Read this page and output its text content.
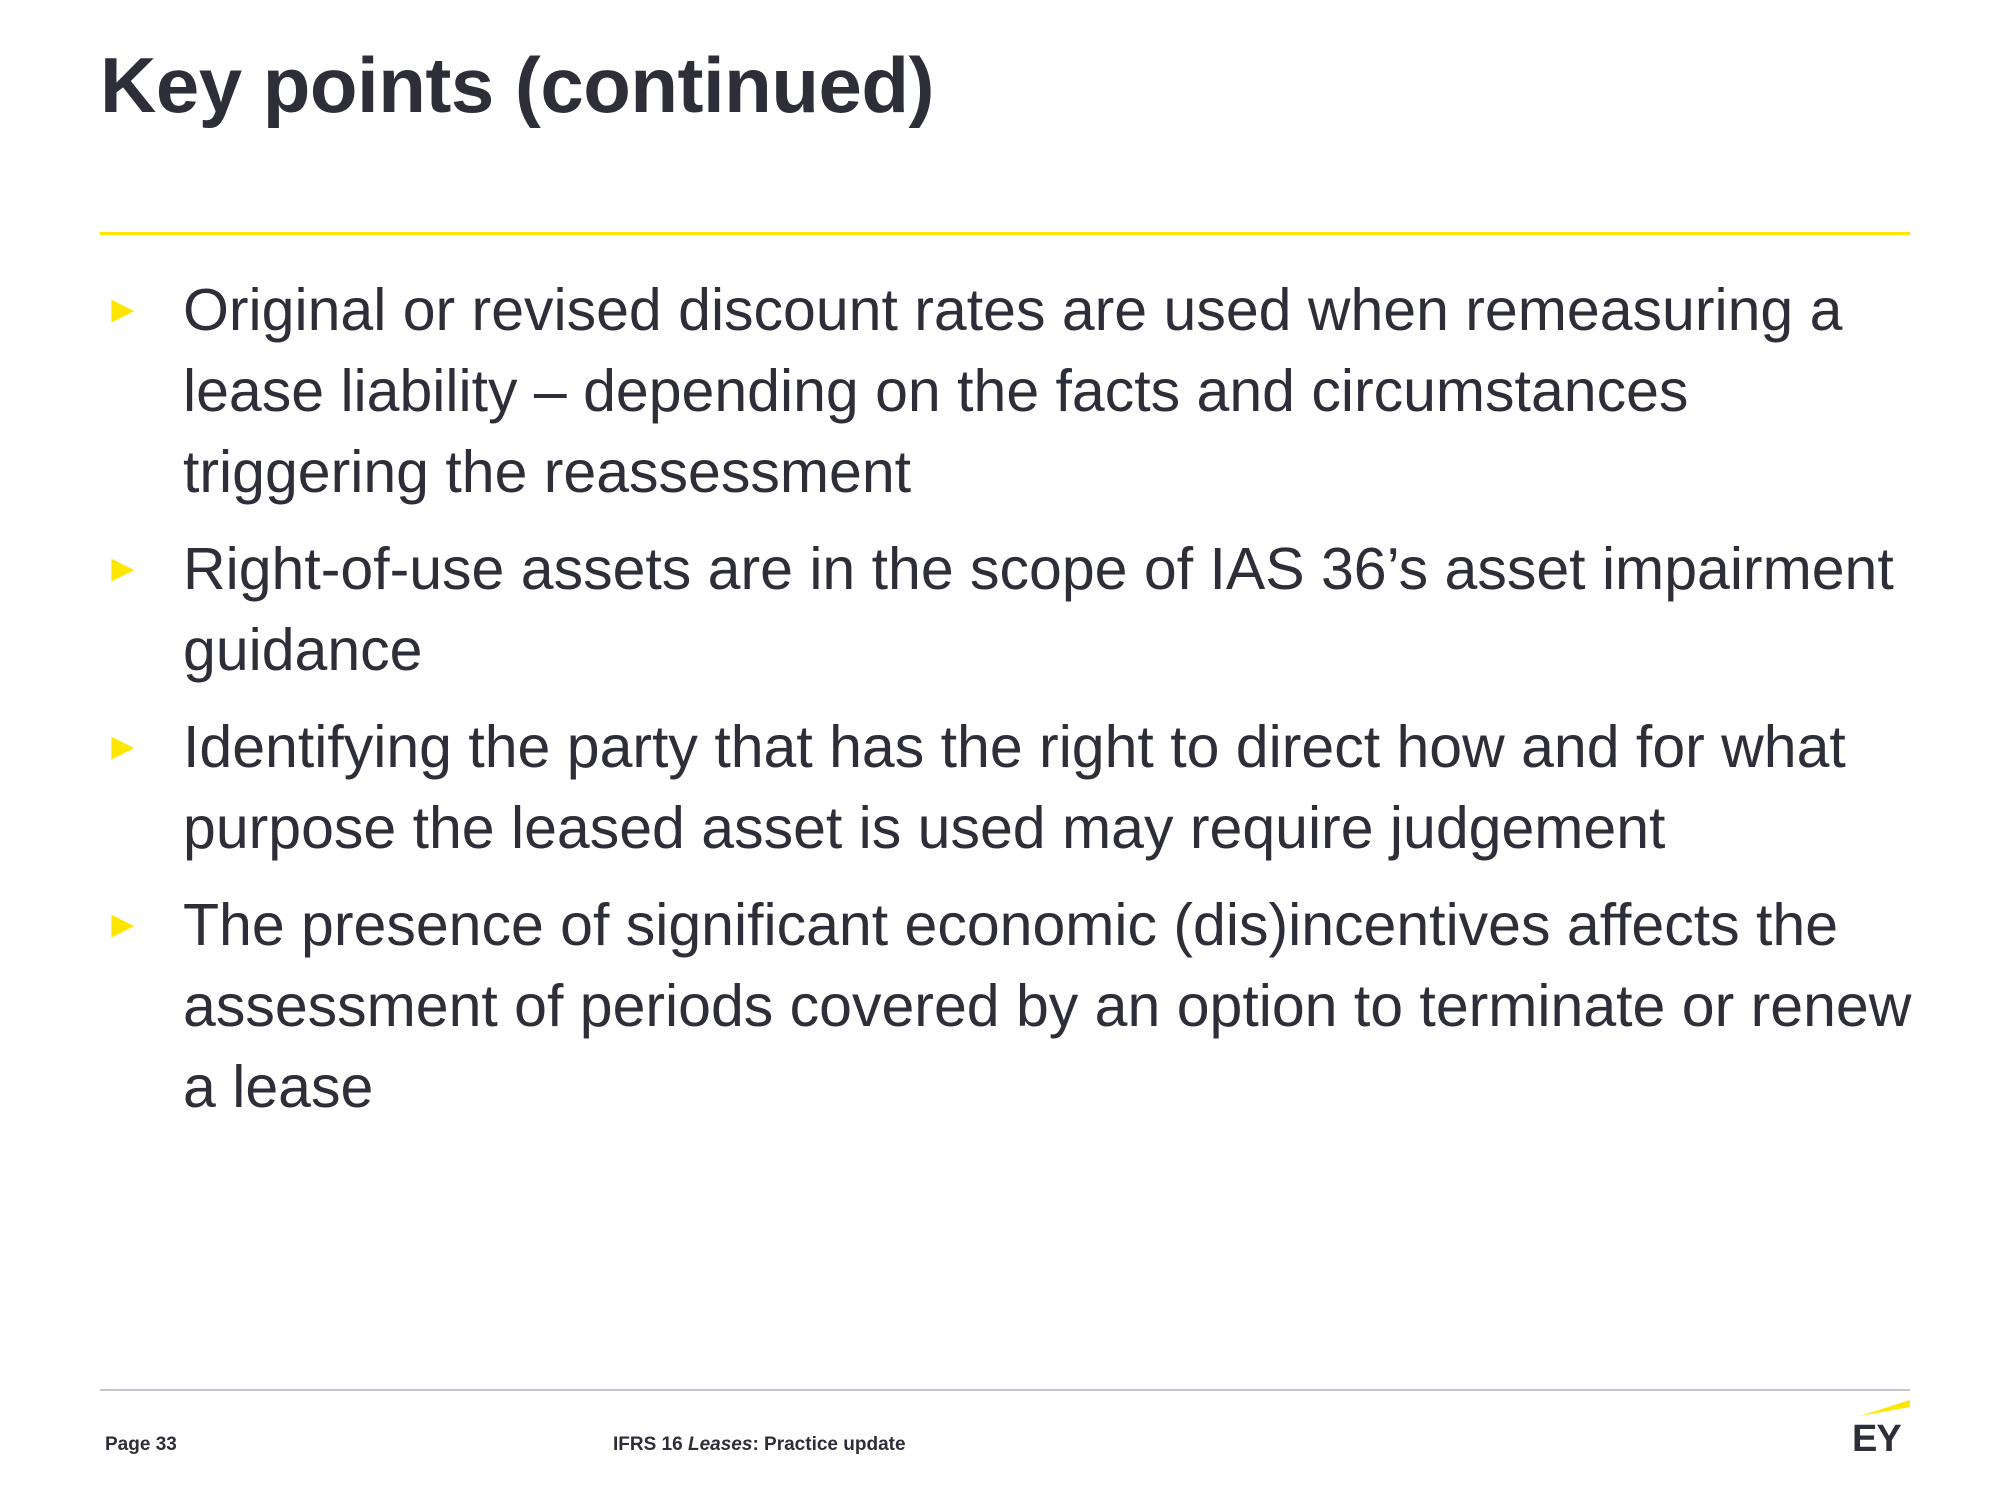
Key points (continued)
► Original or revised discount rates are used when remeasuring a lease liability – depending on the facts and circumstances triggering the reassessment
► Right-of-use assets are in the scope of IAS 36’s asset impairment guidance
► Identifying the party that has the right to direct how and for what purpose the leased asset is used may require judgement
► The presence of significant economic (dis)incentives affects the assessment of periods covered by an option to terminate or renew a lease
Page 33	IFRS 16 Leases: Practice update	EY
